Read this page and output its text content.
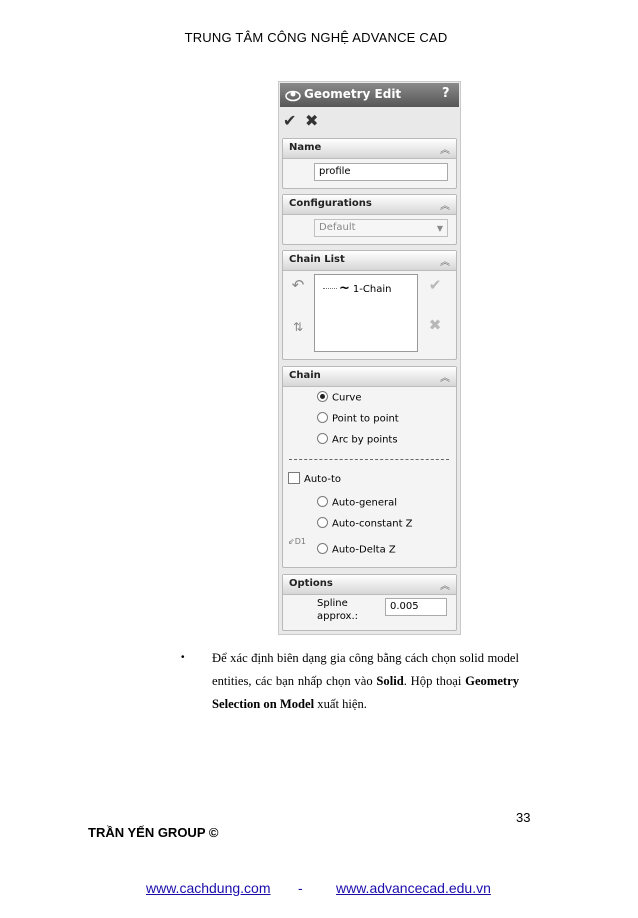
TRUNG TÂM CÔNG NGHỆ ADVANCE CAD
Geometry Edit	?
✔ ✖
Name	︽
profile
Configurations	︽
Default	▼
Chain List	︽
↶
⇅
~ 1-Chain ✔
✖
Chain	︽
Curve
Point to point
Arc by points
Auto-to
Auto-general
Auto-constant Z
⇙D1
Auto-Delta Z
Options	︽
Spline
approx.:
0.005
• Để xác định biên dạng gia công bằng cách chọn solid model entities, các bạn nhấp chọn vào Solid. Hộp thoại Geometry Selection on Model xuất hiện.
33
TRẦN YẾN GROUP ©
www.cachdung.com - www.advancecad.edu.vn
